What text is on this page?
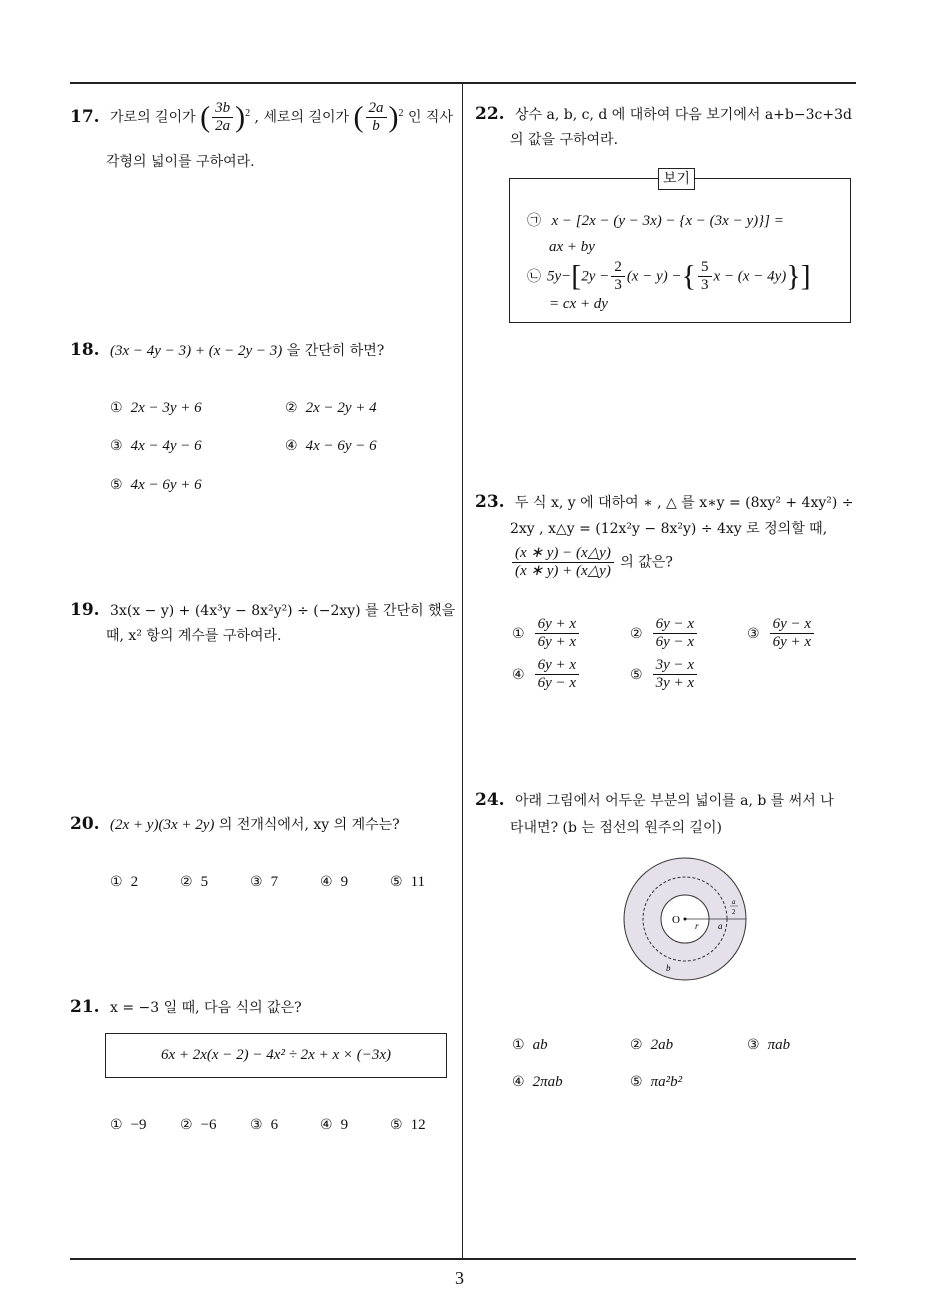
17. 가로의 길이가 ( $\frac{3b}{2a} )^2$ , 세로의 길이가 ( $\frac{2a}{b} )^2$ 인 직사
각형의 넓이를 구하여라.
18. (3x − 4y − 3) + (x − 2y − 3) 을 간단히 하면?
① 2x − 3y + 6	② 2x − 2y + 4
③ 4x − 4y − 6	④ 4x − 6y − 6
⑤ 4x − 6y + 6
19. 3x(x − y) + (4x³y − 8x²y²) ÷ (−2xy) 를 간단히 했을
때, x² 항의 계수를 구하여라.
20. (2x + y)(3x + 2y) 의 전개식에서, xy 의 계수는?
① 2	② 5	③ 7	④ 9	⑤ 11
21. x = −3 일 때, 다음 식의 값은?
6x + 2x(x − 2) − 4x² ÷ 2x + x × (−3x)
① −9 ② −6 ③ 6	④ 9	⑤ 12
22. 상수 a, b, c, d 에 대하여 다음 보기에서 a+b−3c+3d
의 값을 구하여라.
보기
㉠ x − [2x − (y − 3x) − {x − (3x − y)}] =
ax + by
㉡ $5y-[2y - \frac{2}{3} (x - y)$ −{ $\frac{5}{3}$ x − (x − 4y)}]
= cx + dy
23. 두 식 x, y 에 대하여 ∗ , △ 를 x∗y = (8xy² + 4xy²) ÷
2xy , x△y = (12x²y − 8x²y) ÷ 4xy 로 정의할 때,
$\frac{(x ∗ y) - (x\triangle y)}{(x ∗ y) + (x\triangle y)}$ 의 값은?
① $\frac{6y + x}{6y + x}$	② $\frac{6y - x}{6y - x}$	③ $\frac{6y - x}{6y + x}$
④ $\frac{6y + x}{6y - x}$	⑤ $\frac{3y - x}{3y + x}$
24. 아래 그림에서 어두운 부분의 넓이를 a, b 를 써서 나
타내면? (b 는 점선의 원주의 길이)
O r a
a
2
b
① ab	② 2ab	③ πab
④ 2πab	⑤ πa²b²
3
